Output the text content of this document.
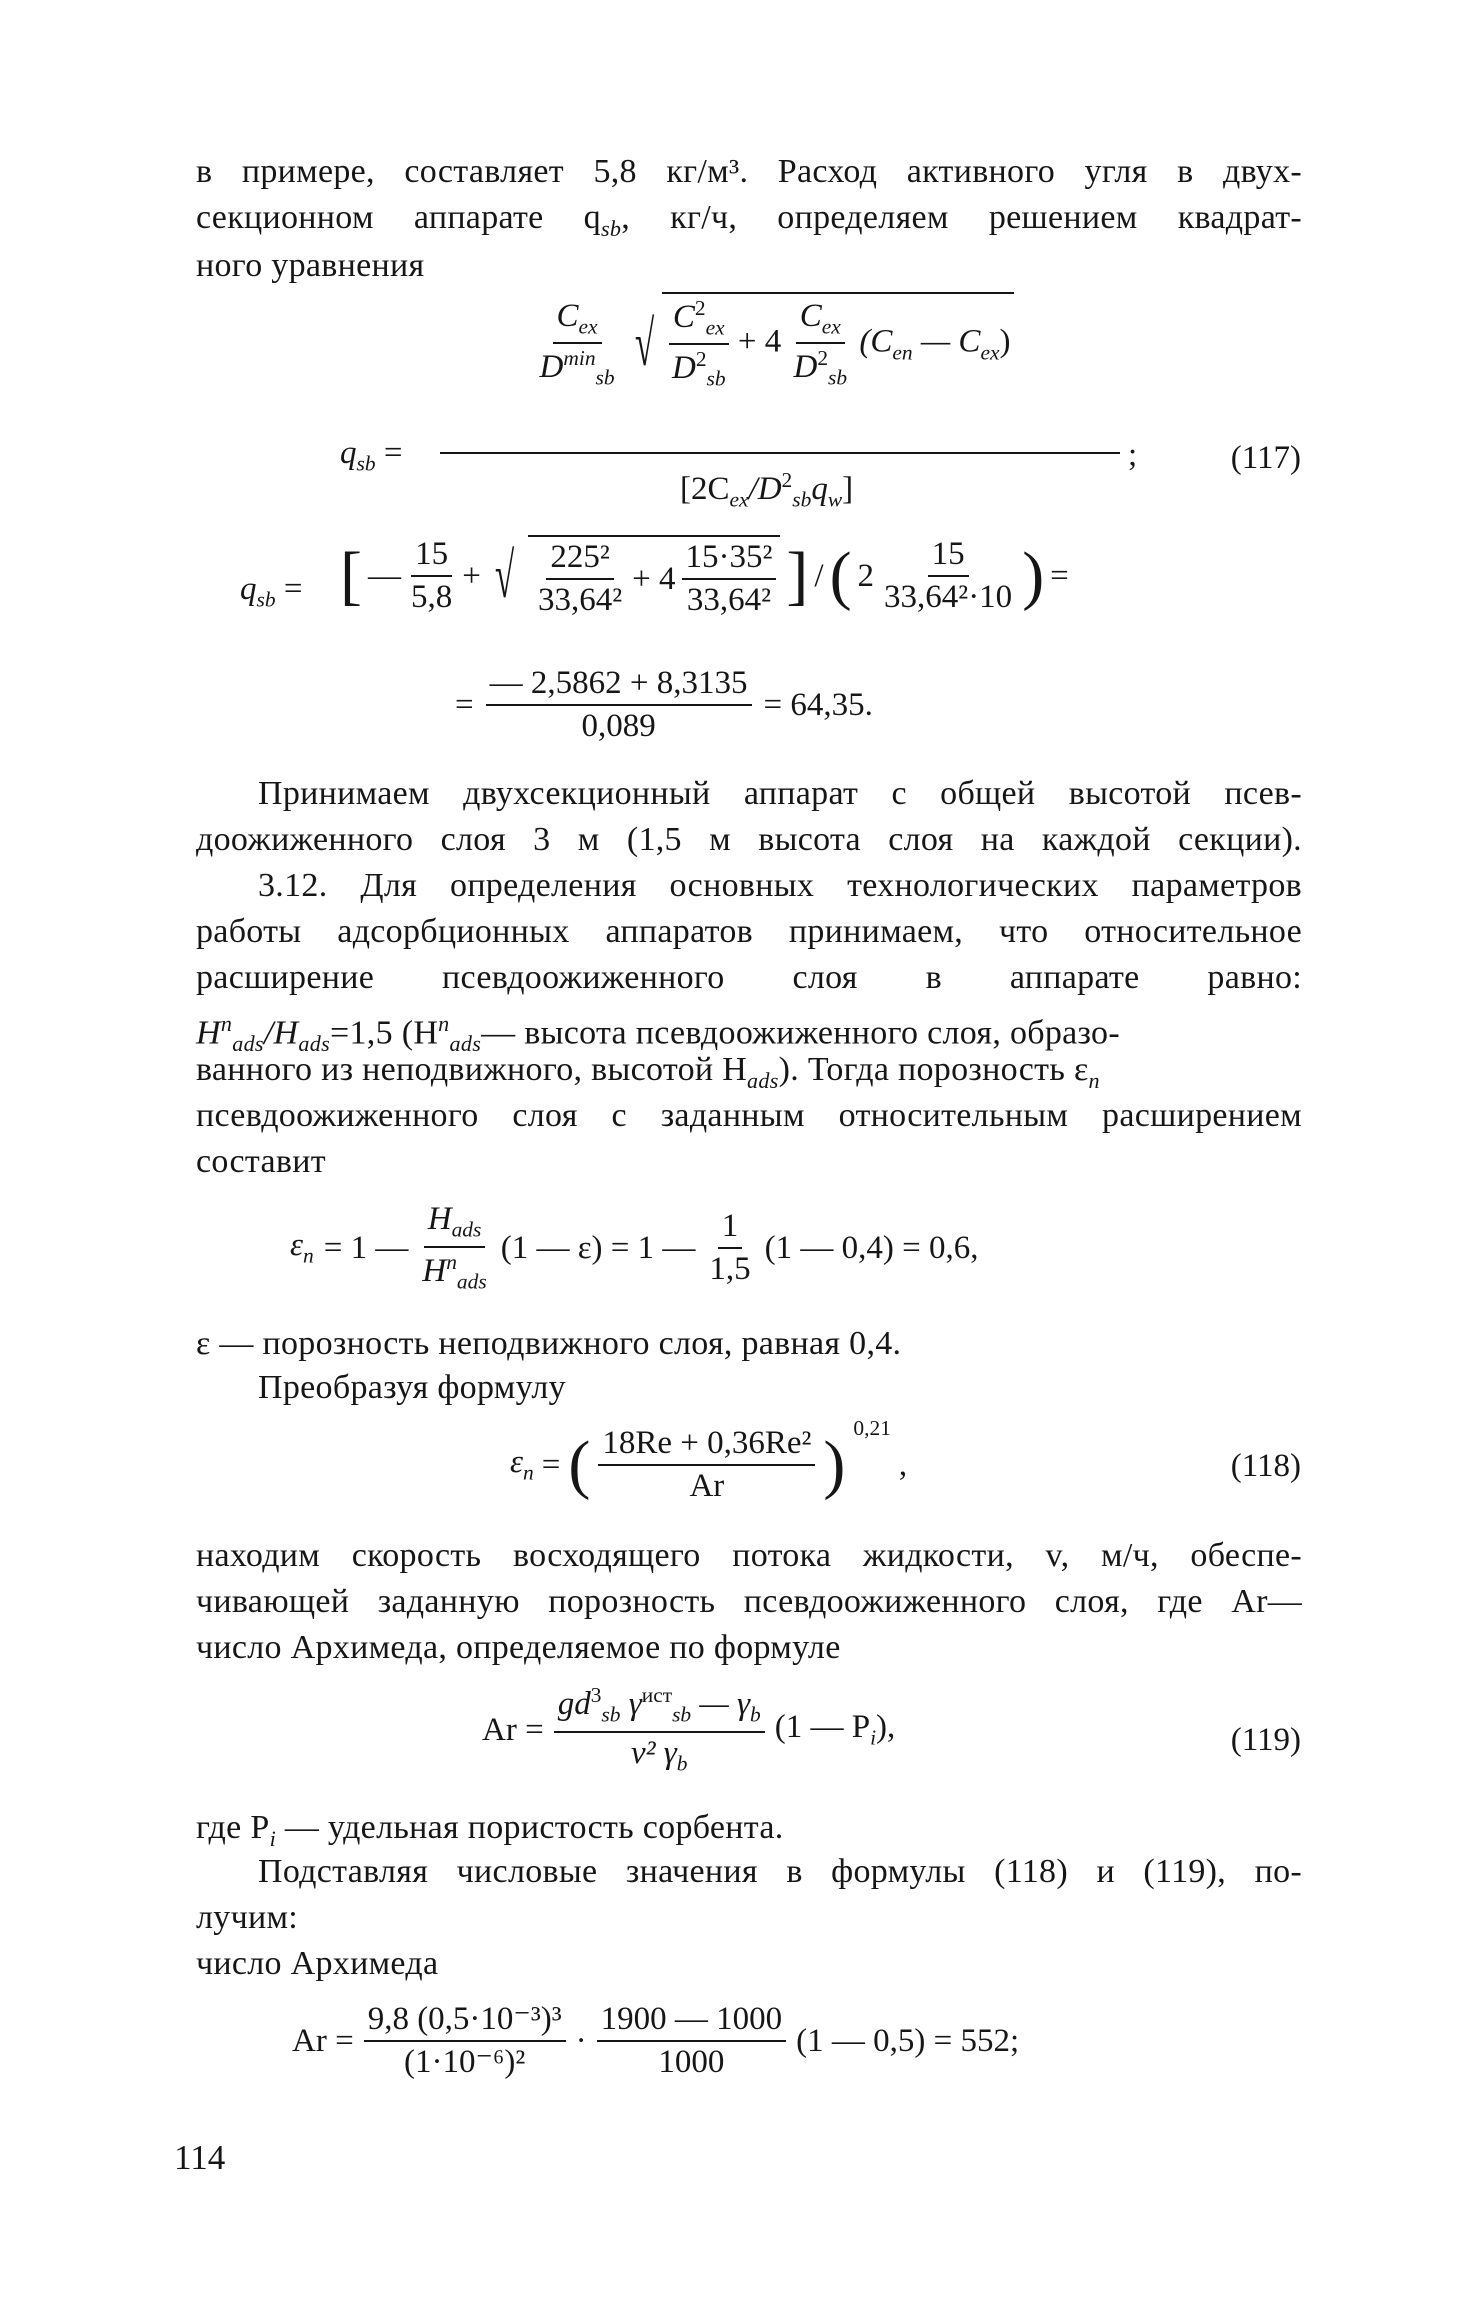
в примере, составляет 5,8 кг/м³. Расход активного угля в двух-
секционном аппарате $q_{sb}$, кг/ч, определяем решением квадрат-
ного уравнения
$q_{sb}$ =
$\frac{C_{ex}}{D^{min}_{sb}}$ √ $\frac{C^2_{ex}}{D^2_{sb}} + 4 \frac{C_{ex}}{D^2_{sb}} (C_{en}$ — $C_{ex}$)
$[2C_{ex}/D^2_{sb}q_w]$
;	(117)
$q_{sb}$ = [ — $\frac{15}{5,8}$ + √ $\frac{\text{225²}}{\text{33,64²}} + 4 \frac{\text{15·35²}}{\text{33,64²}}$ ] / ( $2 \frac{15}{\text{33,64²·10}}$ ) =
= $\frac{— 2,5862 + 8,3135}{0,089} = 64,35$.
Принимаем двухсекционный аппарат с общей высотой псев-
доожиженного слоя 3 м (1,5 м высота слоя на каждой секции).
3.12. Для определения основных технологических параметров
работы адсорбционных аппаратов принимаем, что относительное
расширение псевдоожиженного слоя в аппарате равно:
$H^n_{ads}/H_{ads}=1,5$ ($H^n_{ads}—$ высота псевдоожиженного слоя, образо-
ванного из неподвижного, высотой $H_{ads}$). Тогда порозность $\varepsilon_n$
псевдоожиженного слоя с заданным относительным расширением
составит
$\varepsilon_n = 1$ — $\frac{H_{ads}}{H^n_{ads}} (1$ — ε) = 1 — $\frac{1}{1,5} (1$ — 0,4) = 0,6,
ε — порозность неподвижного слоя, равная 0,4.
Преобразуя формулу
$\varepsilon_n$ = ( $\frac{\text{18Re + 0,36Re²}}{Ar}$ ) $^{0,21}$
,	(118)
находим скорость восходящего потока жидкости, v, м/ч, обеспе-
чивающей заданную порозность псевдоожиженного слоя, где Ar—
число Архимеда, определяемое по формуле
$Ar = \frac{gd^3_{sb} \gamma^{ист}_{sb} — \gamma_b}{v^2 \gamma_b} (1$ — $P_i$),	(119)
где $P_i$ — удельная пористость сорбента.
Подставляя числовые значения в формулы (118) и (119), по-
лучим:
число Архимеда
$Ar = \frac{\text{9,8 (0,5·10⁻³)³}}{\text{(1·10⁻⁶)²}} \cdot \frac{1900 — 1000}{1000} (1$ — 0,5) = 552;
114
